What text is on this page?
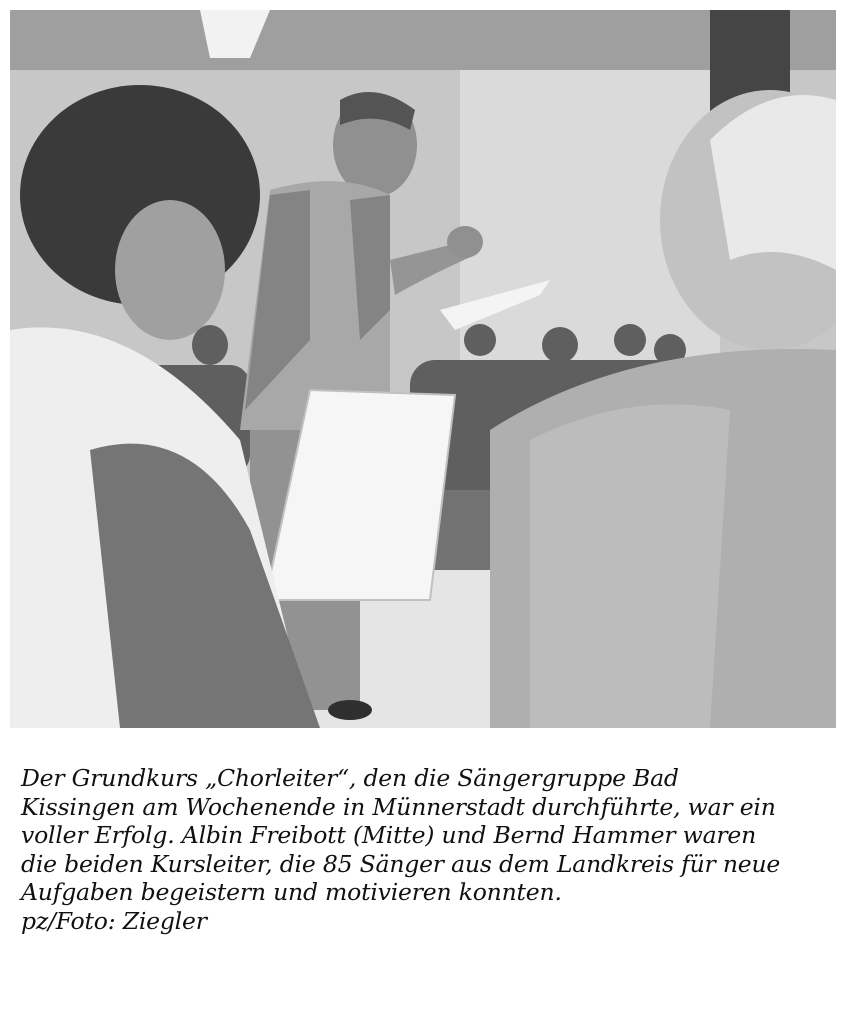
Der Grundkurs „Chorleiter“, den die Sängergruppe Bad
Kissingen am Wochenende in Münnerstadt durchführte, war ein
voller Erfolg. Albin Freibott (Mitte) und Bernd Hammer waren
die beiden Kursleiter, die 85 Sänger aus dem Landkreis für neue
Aufgaben begeistern und motivieren konnten.
pz/Foto: Ziegler
